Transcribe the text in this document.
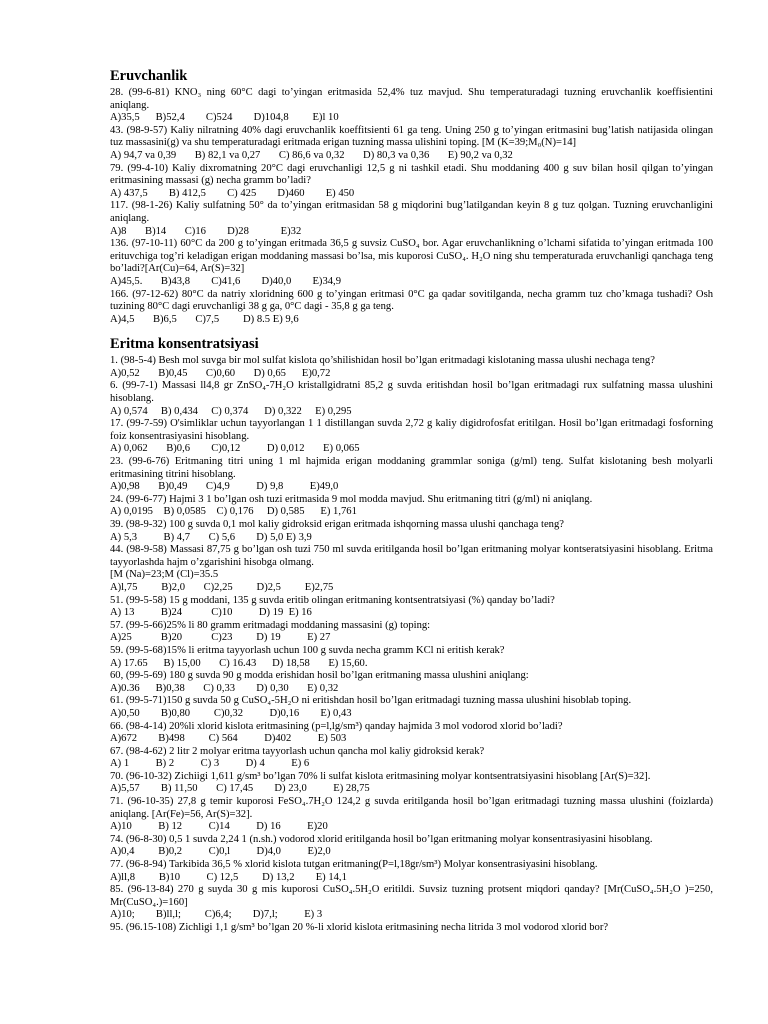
Eruvchanlik

28. (99-6-81) KNO₃ ning 60°C dagi to’yingan eritmasida 52,4% tuz mavjud. Shu temperaturadagi tuzning eruvchanlik koeffisientini aniqlang.

A)35,5      B)52,4        C)524        D)104,8         E)l 10

43. (98-9-57) Kaliy nilratning 40% dagi eruvchanlik koeffitsienti 61 ga teng. Uning 250 g to’yingan eritmasini bug’latish natijasida olingan tuz massasini(g) va shu temperaturadagi eritmada erigan tuzning massa ulishini toping. [M (K=39;M₀(N)=14]

A) 94,7 va 0,39       B) 82,1 va 0,27       C) 86,6 va 0,32       D) 80,3 va 0,36       E) 90,2 va 0,32

79. (99-4-10) Kaliy dixromatning 20°C dagi eruvchanligi 12,5 g ni tashkil etadi. Shu moddaning 400 g suv bilan hosil qilgan to’yingan eritmasining massasi (g) necha gramm bo’ladi?

A) 437,5        B) 412,5        C) 425        D)460        E) 450

117. (98-1-26) Kaliy sulfatning 50° da to’yingan eritmasidan 58 g miqdorini bug’latilgandan keyin 8 g tuz qolgan. Tuzning eruvchanligini aniqlang.

A)8       B)14       C)16        D)28            E)32

136. (97-10-11) 60°C da 200 g to’yingan eritmada 36,5 g suvsiz CuSO₄ bor. Agar eruvchanlikning o’lchami sifatida to’yingan eritmada 100 erituvchiga tog’ri keladigan erigan moddaning massasi bo’lsa, mis kuporosi CuSO₄. H₂O ning shu temperaturada eruvchanligi qanchaga teng bo’ladi?[Ar(Cu)=64, Ar(S)=32]

A)45,5.       B)43,8        C)41,6        D)40,0        E)34,9

166. (97-12-62) 80°C da natriy xloridning 600 g to’yingan eritmasi 0°C ga qadar sovitilganda, necha gramm tuz cho’kmaga tushadi? Osh tuzining 80°C dagi eruvchanligi 38 g ga, 0°C dagi - 35,8 g ga teng.

A)4,5       B)6,5       C)7,5         D) 8.5 E) 9,6

Eritma konsentratsiyasi

1. (98-5-4) Besh mol suvga bir mol sulfat kislota qo’shilishidan hosil bo’lgan eritmadagi kislotaning massa ulushi nechaga teng?

A)0,52       B)0,45       C)0,60       D) 0,65      E)0,72

6. (99-7-1) Massasi ll4,8 gr ZnSO₄-7H₂O kristallgidratni 85,2 g suvda eritishdan hosil bo’lgan eritmadagi rux sulfatning massa ulushini hisoblang.

A) 0,574     B) 0,434     C) 0,374      D) 0,322     E) 0,295

17. (99-7-59) O'simliklar uchun tayyorlangan 1 1 distillangan suvda 2,72 g kaliy digidrofosfat eritilgan. Hosil bo’lgan eritmadagi fosforning foiz konsentrasiyasini hisoblang.

A) 0,062       B)0,6        C)0,12          D) 0,012       E) 0,065

23. (99-6-76) Eritmaning titri uning 1 ml hajmida erigan moddaning grammlar soniga (g/ml) teng. Sulfat kislotaning besh molyarli eritmasining titrini hisoblang.

A)0,98       B)0,49       C)4,9          D) 9,8          E)49,0

24. (99-6-77) Hajmi 3 1 bo’lgan osh tuzi eritmasida 9 mol modda mavjud. Shu eritmaning titri (g/ml) ni aniqlang.

A) 0,0195    B) 0,0585    C) 0,176     D) 0,585      E) 1,761

39. (98-9-32) 100 g suvda 0,1 mol kaliy gidroksid erigan eritmada ishqorning massa ulushi qanchaga teng?

A) 5,3          B) 4,7       C) 5,6        D) 5,0 E) 3,9

44. (98-9-58) Massasi 87,75 g bo’lgan osh tuzi 750 ml suvda eritilganda hosil bo’lgan eritmaning molyar kontseratsiyasini hisoblang. Eritma tayyorlashda hajm o’zgarishini hisobga olmang.

[M (Na)=23;M (Cl)=35.5
A)l,75         B)2,0       C)2,25         D)2,5         E)2,75

51. (99-5-58) 15 g moddani, 135 g suvda eritib olingan eritmaning kontsentratsiyasi (%) qanday bo’ladi?

A) 13          B)24           C)10          D) 19  E) 16

57. (99-5-66)25% li 80 gramm eritmadagi moddaning massasini (g) toping:

A)25           B)20           C)23         D) 19          E) 27

59. (99-5-68)15% li eritma tayyorlash uchun 100 g suvda necha gramm KCl ni eritish kerak?

A) 17.65      B) 15,00       C) 16.43      D) 18,58       E) 15,60.

60, (99-5-69) 180 g suvda 90 g modda erishidan hosil bo’lgan eritmaning massa ulushini aniqlang:

A)0.36      B)0,38       C) 0,33        D) 0,30       E) 0,32

61. (99-5-71)150 g suvda 50 g CuSO₄-5H₂O ni eritishdan hosil bo’lgan eritmadagi tuzning massa ulushini hisoblab toping.

A)0,50        B)0,80         C)0,32          D)0,16        E) 0,43

66. (98-4-14) 20%li xlorid kislota eritmasining (p=l,lg/sm³) qanday hajmida 3 mol vodorod xlorid bo’ladi?

A)672        B)498         C) 564          D)402          E) 503

67. (98-4-62) 2 litr 2 molyar eritma tayyorlash uchun qancha mol kaliy gidroksid kerak?

A) 1          B) 2          C) 3          D) 4          E) 6

70. (96-10-32) Zichiigi 1,611 g/sm³ bo’lgan 70% li sulfat kislota eritmasining molyar kontsentratsiyasini hisoblang [Ar(S)=32].

A)5,57        B) 11,50       C) 17,45        D) 23,0          E) 28,75

71. (96-10-35) 27,8 g temir kuporosi FeSO₄.7H₂O 124,2 g suvda eritilganda hosil bo’lgan eritmadagi tuzning massa ulushini (foizlarda) aniqlang. [Ar(Fe)=56, Ar(S)=32].

A)10          B) 12          C)14          D) 16          E)20

74. (96-8-30) 0,5 1 suvda 2,24 1 (n.sh.) vodorod xlorid eritilganda hosil bo’lgan eritmaning molyar konsentrasiyasini hisoblang.

A)0,4         B)0,2          C)0,l          D)4,0          E)2,0

77. (96-8-94) Tarkibida 36,5 % xlorid kislota tutgan eritmaning(P=l,18gr/sm³) Molyar konsentrasiyasini hisoblang.

A)ll,8         B)10          C) 12,5         D) 13,2        E) 14,1

85. (96-13-84) 270 g suyda 30 g mis kuporosi CuSO₄.5H₂O eritildi. Suvsiz tuzning protsent miqdori qanday? [Mr(CuSO₄.5H₂O )=250, Mr(CuSO₄.)=160]

A)10;        B)ll,l;         C)6,4;        D)7,l;          E) 3

95. (96.15-108) Zichligi 1,1 g/sm³ bo’lgan 20 %-li xlorid kislota eritmasining necha litrida 3 mol vodorod xlorid bor?
